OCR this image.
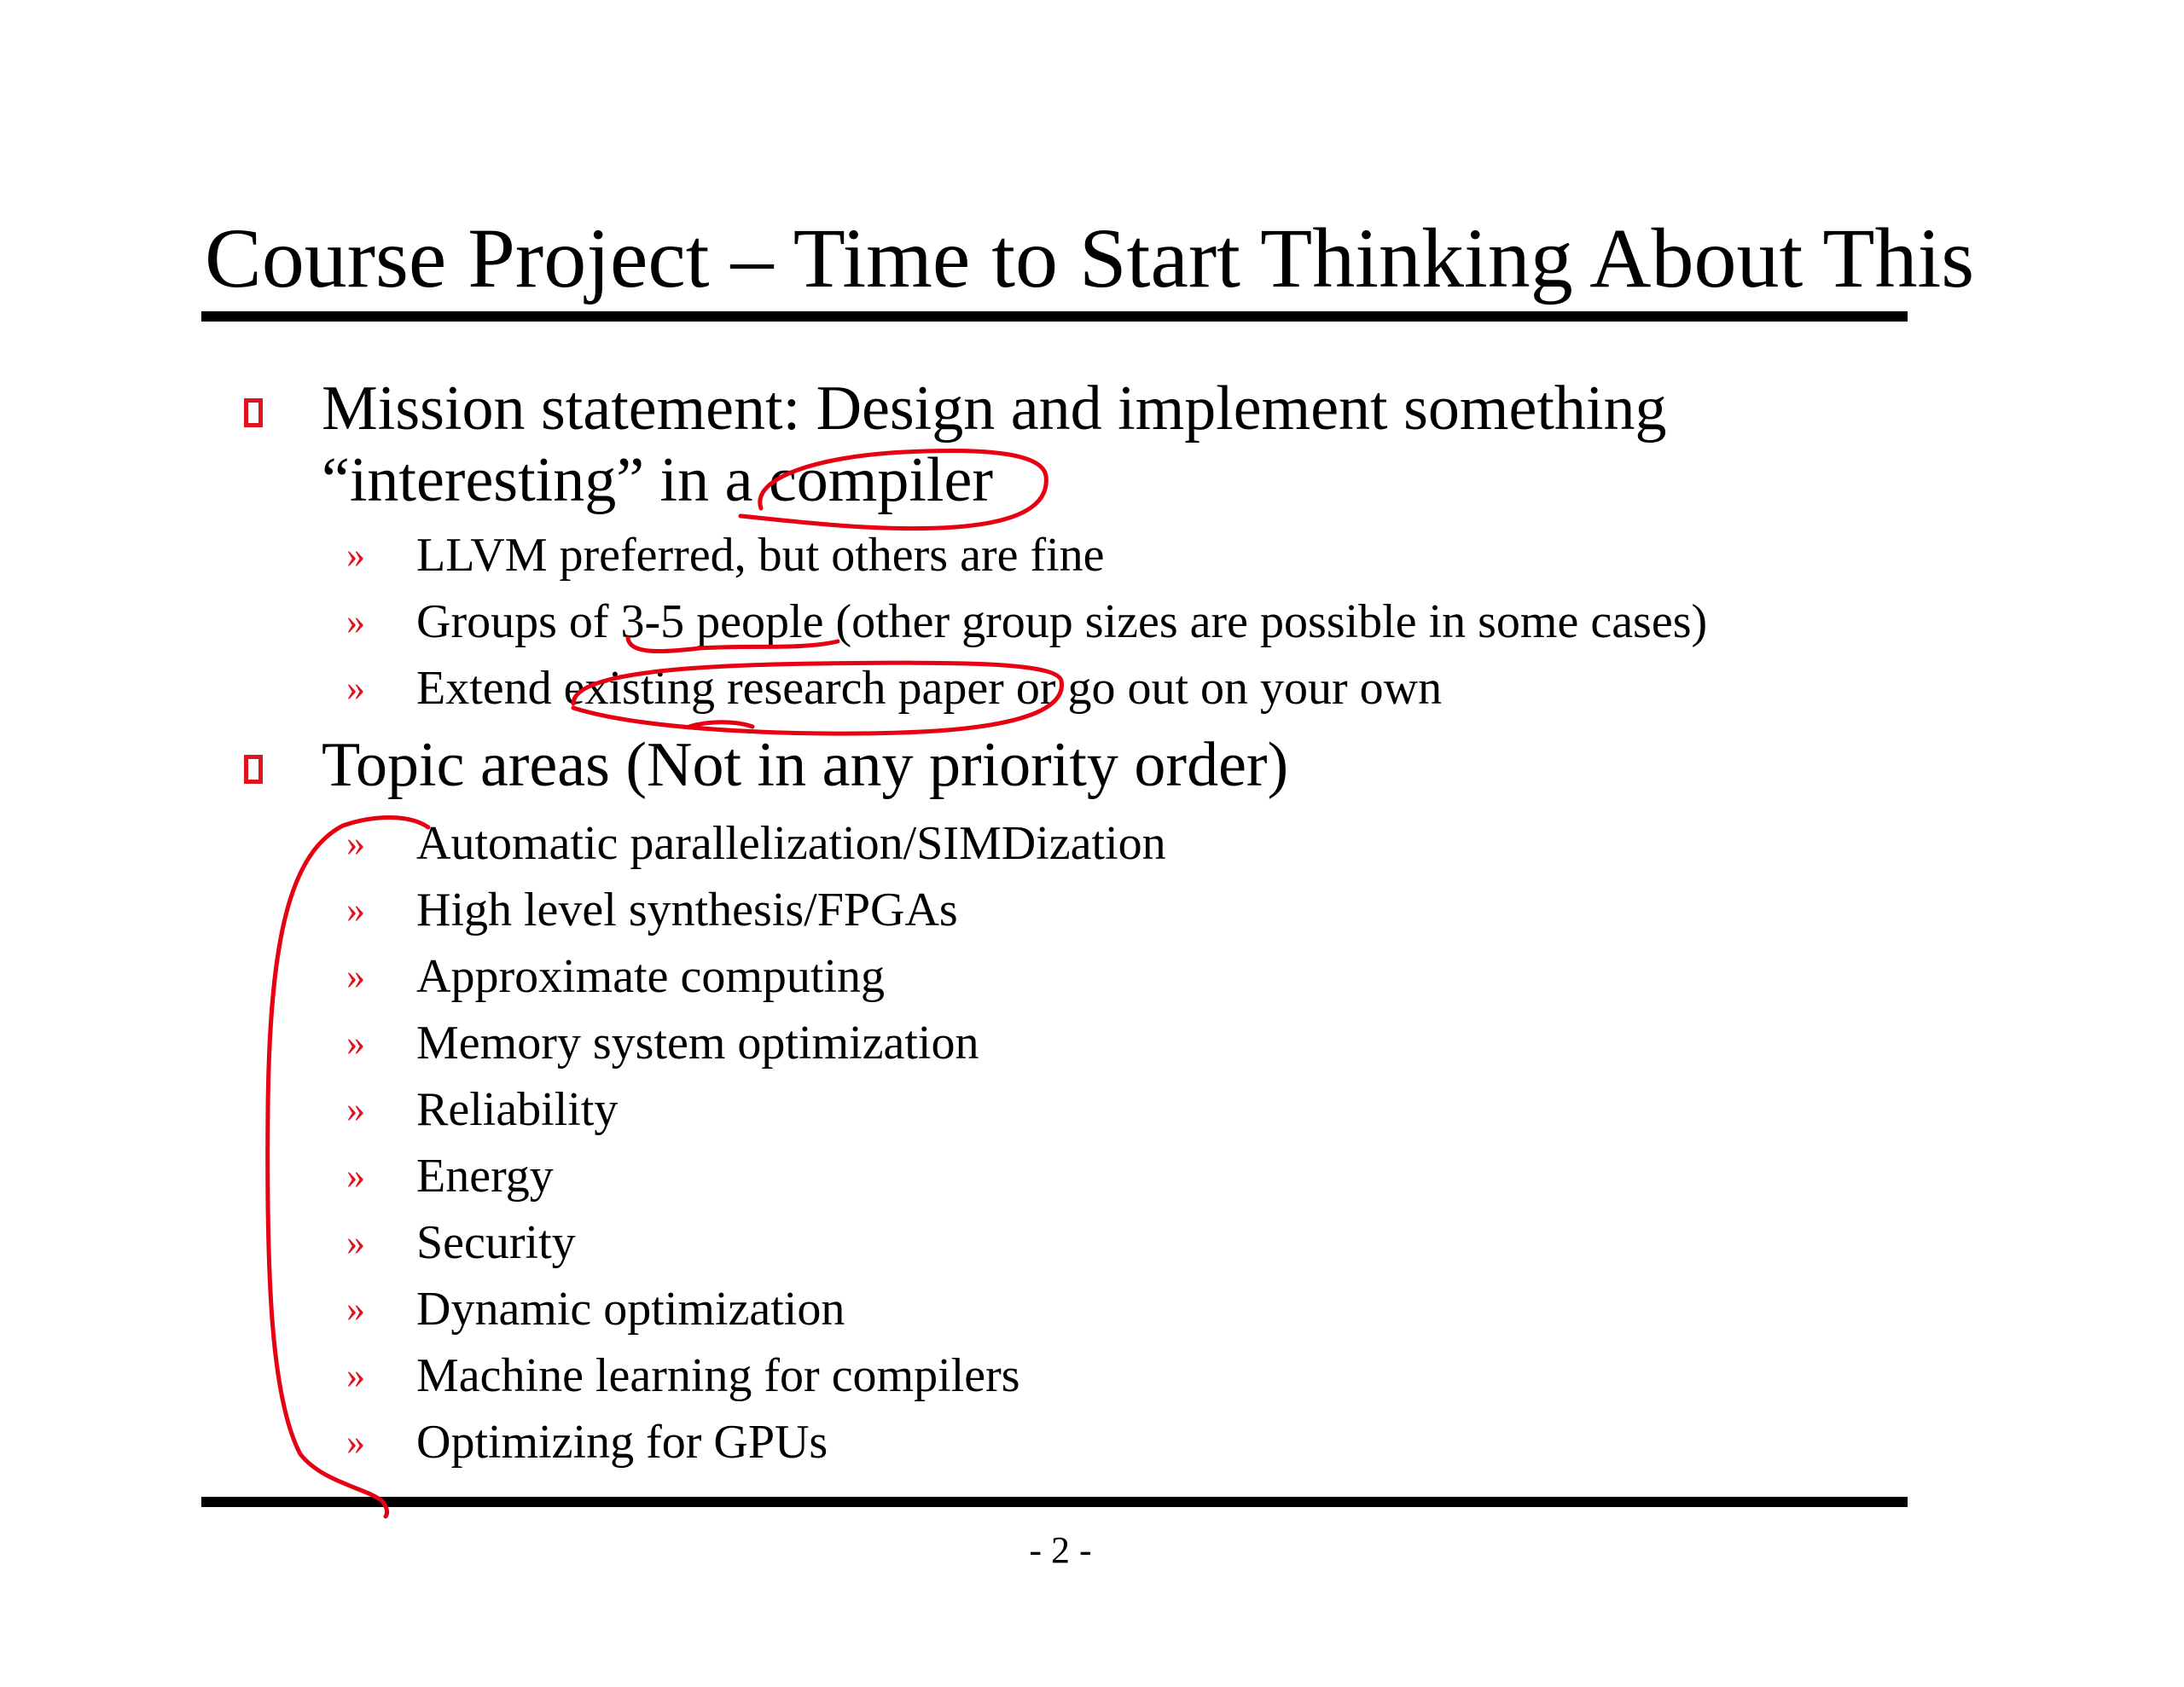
Course Project – Time to Start Thinking About This
Mission statement: Design and implement something
“interesting” in a compiler
» LLVM preferred, but others are fine
» Groups of 3-5 people (other group sizes are possible in some cases)
» Extend existing research paper or go out on your own
Topic areas (Not in any priority order)
» Automatic parallelization/SIMDization
» High level synthesis/FPGAs
» Approximate computing
» Memory system optimization
» Reliability
» Energy
» Security
» Dynamic optimization
» Machine learning for compilers
» Optimizing for GPUs
- 2 -
